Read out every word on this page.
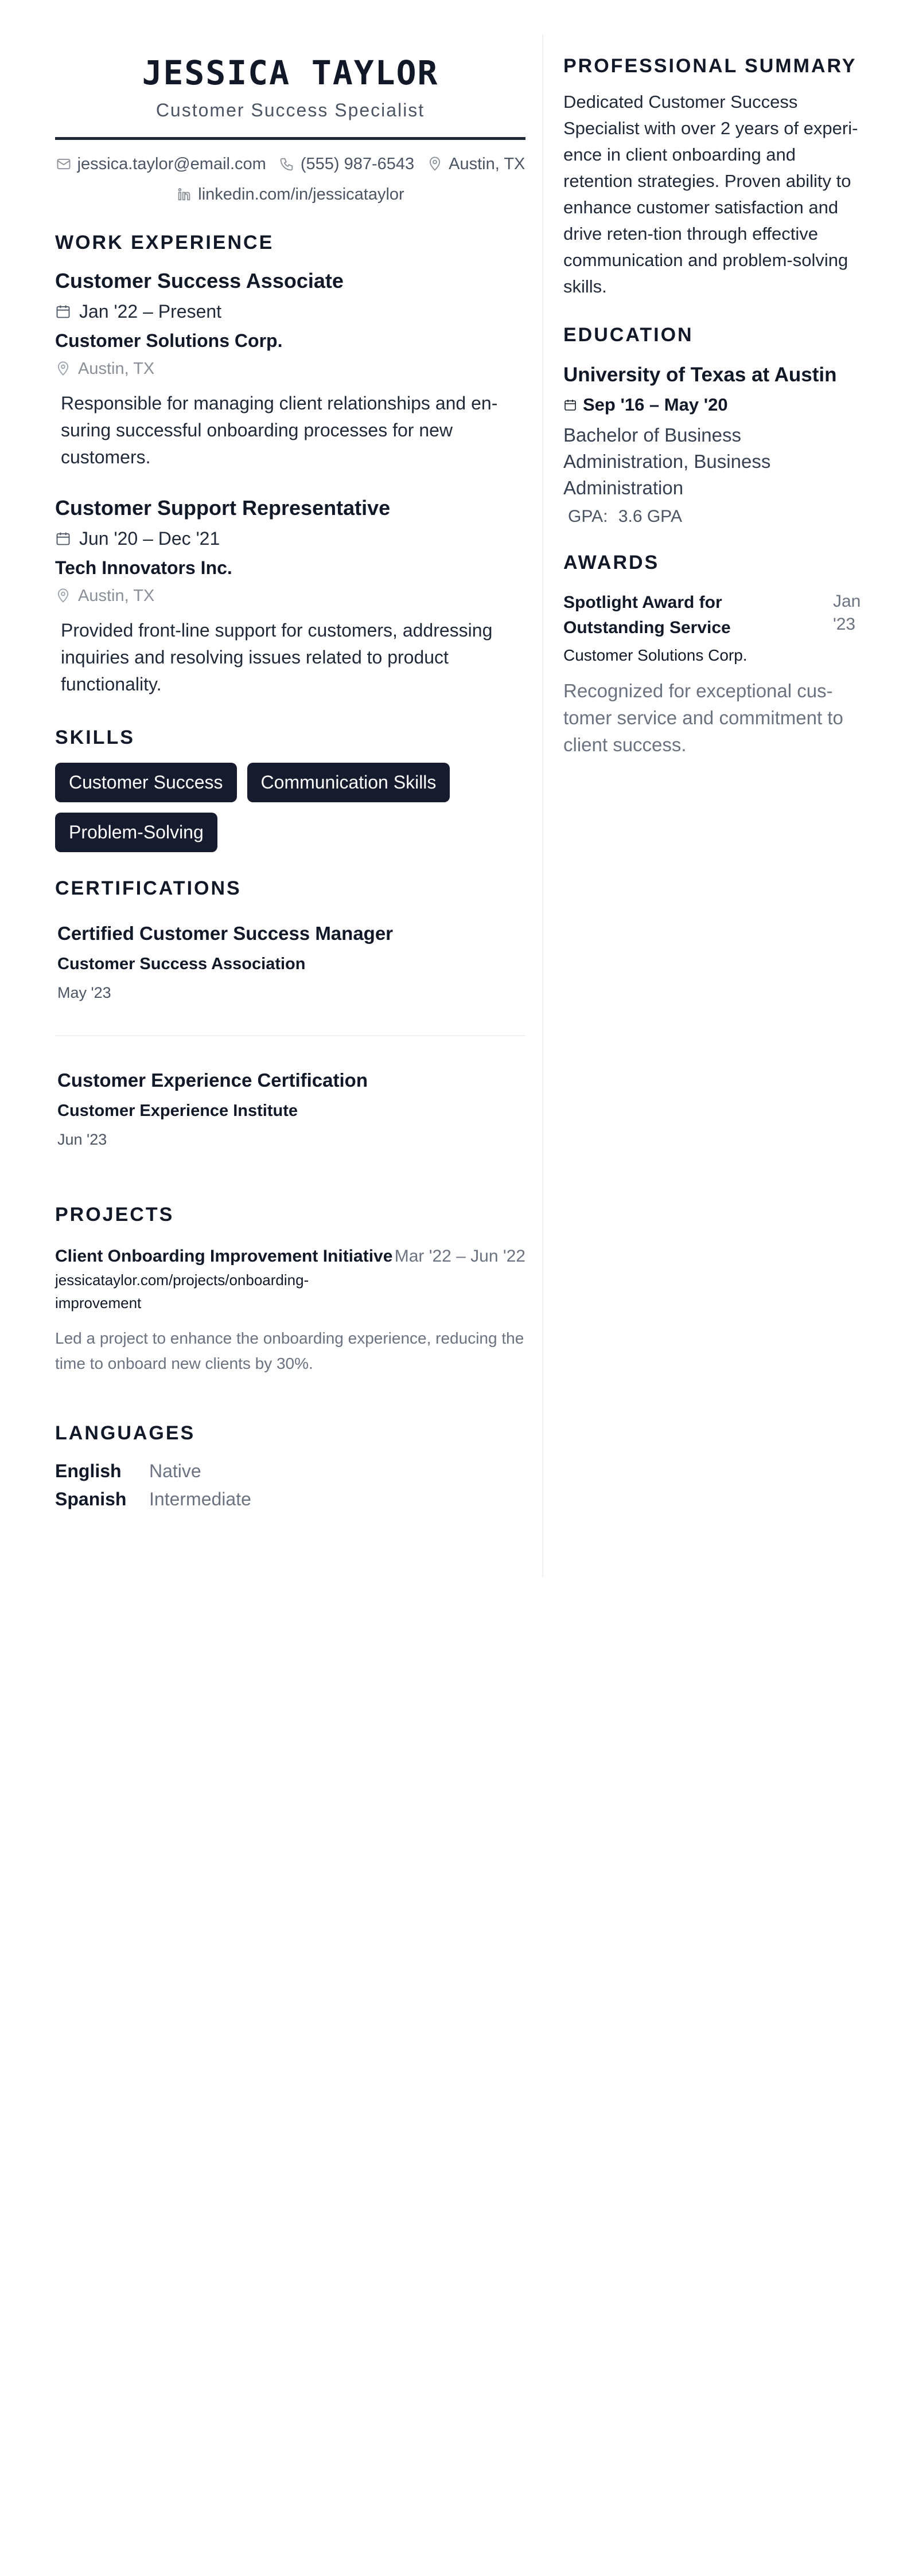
JESSICA TAYLOR
Customer Success Specialist
jessica.taylor@email.com (555) 987-6543 Austin, TX
linkedin.com/in/jessicataylor
WORK EXPERIENCE
Customer Success Associate
Jan '22 – Present
Customer Solutions Corp.
Austin, TX
Responsible for managing client relationships and en-suring successful onboarding processes for new customers.
Customer Support Representative
Jun '20 – Dec '21
Tech Innovators Inc.
Austin, TX
Provided front-line support for customers, addressing inquiries and resolving issues related to product functionality.
SKILLS
Customer Success	Communication Skills
Problem-Solving
CERTIFICATIONS
Certified Customer Success Manager
Customer Success Association
May '23
Customer Experience Certification
Customer Experience Institute
Jun '23
PROJECTS
Client Onboarding Improvement Initiative Mar '22 – Jun '22
jessicataylor.com/projects/onboarding-improvement
Led a project to enhance the onboarding experience, reducing the time to onboard new clients by 30%.
LANGUAGES
English	Native
Spanish	Intermediate
PROFESSIONAL SUMMARY
Dedicated Customer Success Specialist with over 2 years of experi-ence in client onboarding and retention strategies. Proven ability to enhance customer satisfaction and drive reten-tion through effective communication and problem-solving skills.
EDUCATION
University of Texas at Austin
Sep '16 – May '20
Bachelor of Business Administration, Business Administration
GPA: 3.6 GPA
AWARDS
Spotlight Award for Outstanding Service
Jan '23
Customer Solutions Corp.
Recognized for exceptional cus-tomer service and commitment to client success.
